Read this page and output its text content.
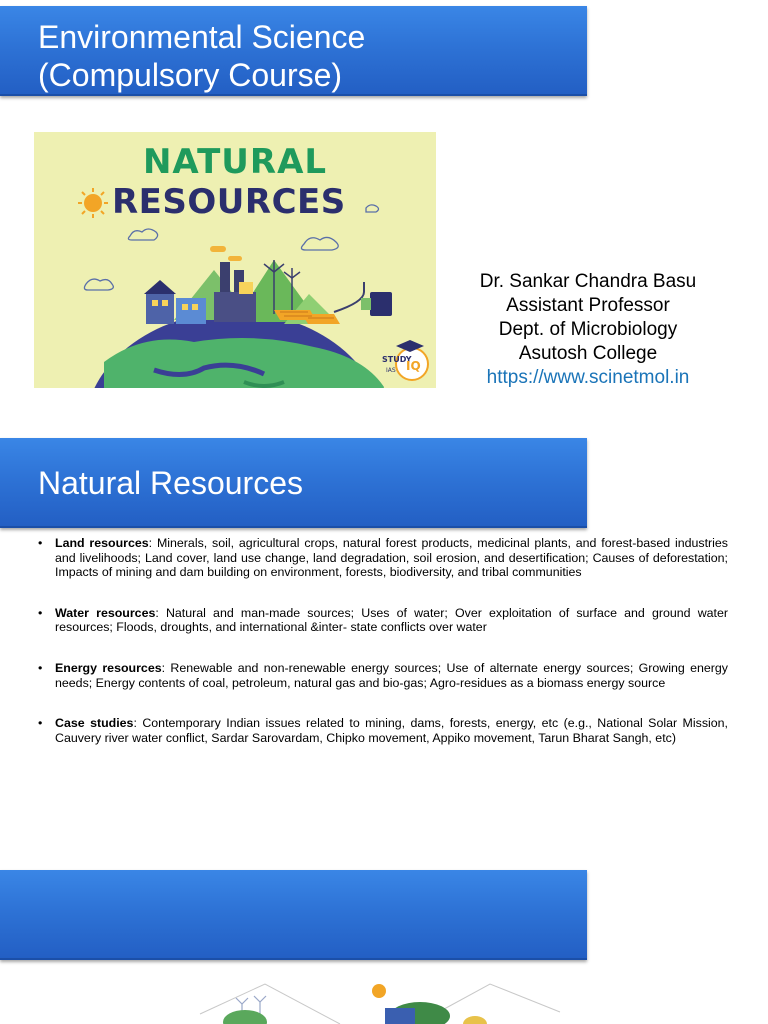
Environmental Science
(Compulsory Course)
NATURAL
STUDY
IAS IQ
RESOURCES
Dr. Sankar Chandra Basu
Assistant Professor
Dept. of Microbiology
Asutosh College
https://www.scinetmol.in
Natural Resources
• Land resources: Minerals, soil, agricultural crops, natural forest products, medicinal plants, and forest-based industries and livelihoods; Land cover, land use change, land degradation, soil erosion, and desertification; Causes of deforestation; Impacts of mining and dam building on environment, forests, biodiversity, and tribal communities
• Water resources: Natural and man-made sources; Uses of water; Over exploitation of surface and ground water resources; Floods, droughts, and international &inter- state conflicts over water
• Energy resources: Renewable and non-renewable energy sources; Use of alternate energy sources; Growing energy needs; Energy contents of coal, petroleum, natural gas and bio-gas; Agro-residues as a biomass energy source
• Case studies: Contemporary Indian issues related to mining, dams, forests, energy, etc (e.g., National Solar Mission, Cauvery river water conflict, Sardar Sarovardam, Chipko movement, Appiko movement, Tarun Bharat Sangh, etc)
